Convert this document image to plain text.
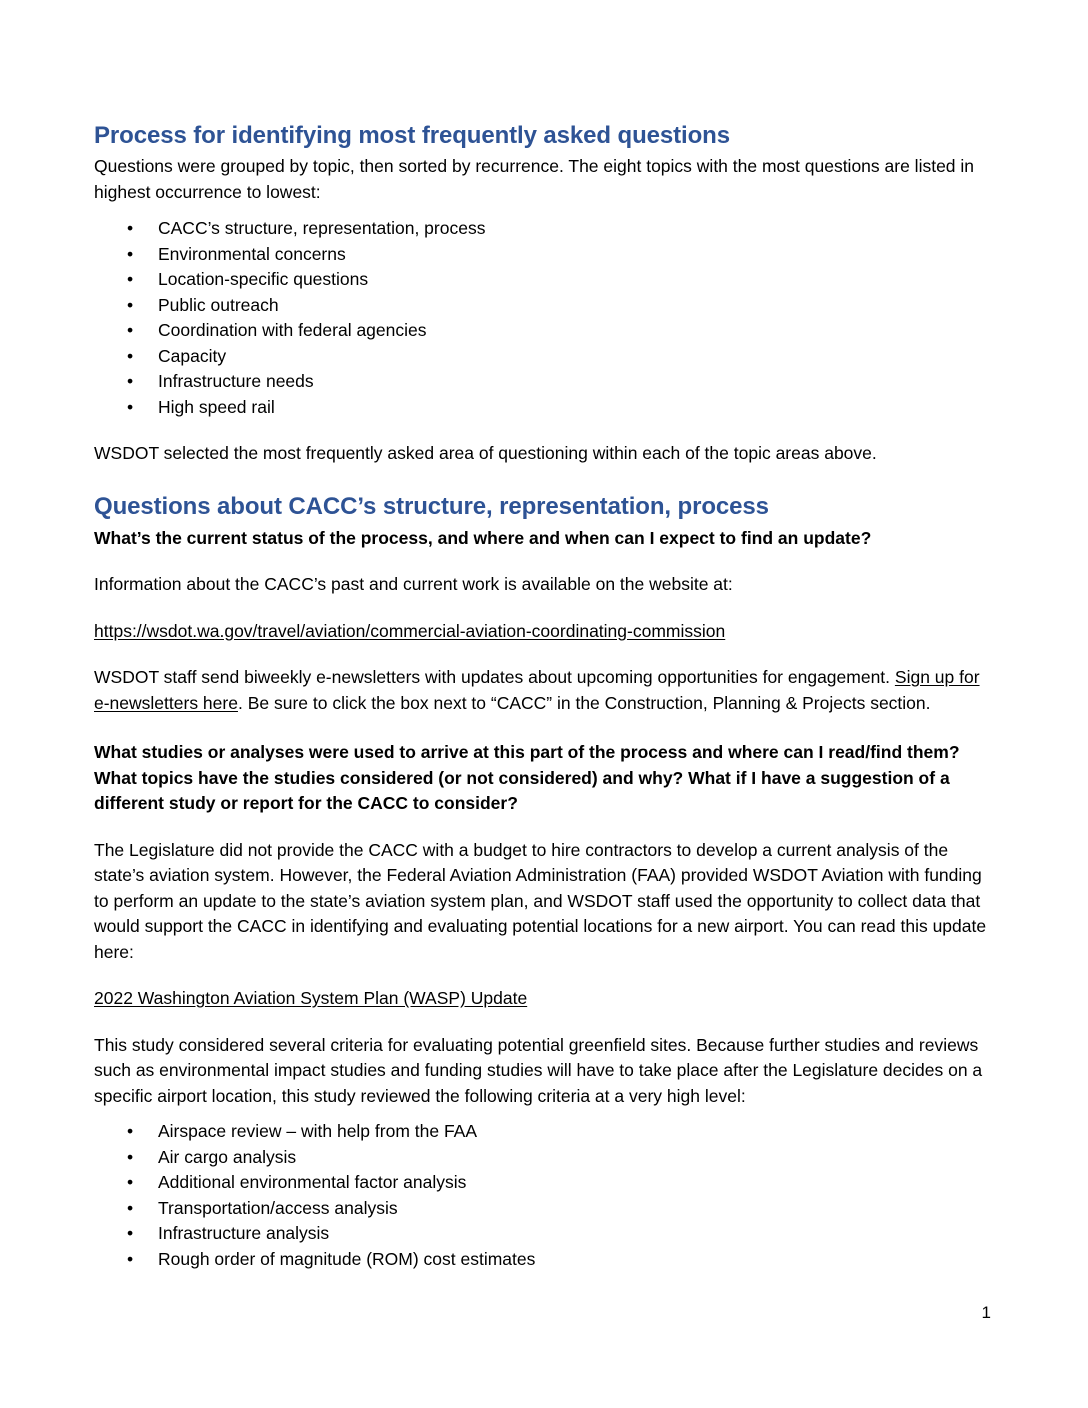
Process for identifying most frequently asked questions

Questions were grouped by topic, then sorted by recurrence. The eight topics with the most questions are listed in highest occurrence to lowest:

• CACC’s structure, representation, process
• Environmental concerns
• Location-specific questions
• Public outreach
• Coordination with federal agencies
• Capacity
• Infrastructure needs
• High speed rail

WSDOT selected the most frequently asked area of questioning within each of the topic areas above.

Questions about CACC’s structure, representation, process

What’s the current status of the process, and where and when can I expect to find an update?

Information about the CACC’s past and current work is available on the website at:

https://wsdot.wa.gov/travel/aviation/commercial-aviation-coordinating-commission

WSDOT staff send biweekly e-newsletters with updates about upcoming opportunities for engagement. Sign up for e-newsletters here. Be sure to click the box next to “CACC” in the Construction, Planning & Projects section.

What studies or analyses were used to arrive at this part of the process and where can I read/find them? What topics have the studies considered (or not considered) and why? What if I have a suggestion of a different study or report for the CACC to consider?

The Legislature did not provide the CACC with a budget to hire contractors to develop a current analysis of the state’s aviation system. However, the Federal Aviation Administration (FAA) provided WSDOT Aviation with funding to perform an update to the state’s aviation system plan, and WSDOT staff used the opportunity to collect data that would support the CACC in identifying and evaluating potential locations for a new airport. You can read this update here:

2022 Washington Aviation System Plan (WASP) Update

This study considered several criteria for evaluating potential greenfield sites. Because further studies and reviews such as environmental impact studies and funding studies will have to take place after the Legislature decides on a specific airport location, this study reviewed the following criteria at a very high level:

• Airspace review – with help from the FAA
• Air cargo analysis
• Additional environmental factor analysis
• Transportation/access analysis
• Infrastructure analysis
• Rough order of magnitude (ROM) cost estimates
1
